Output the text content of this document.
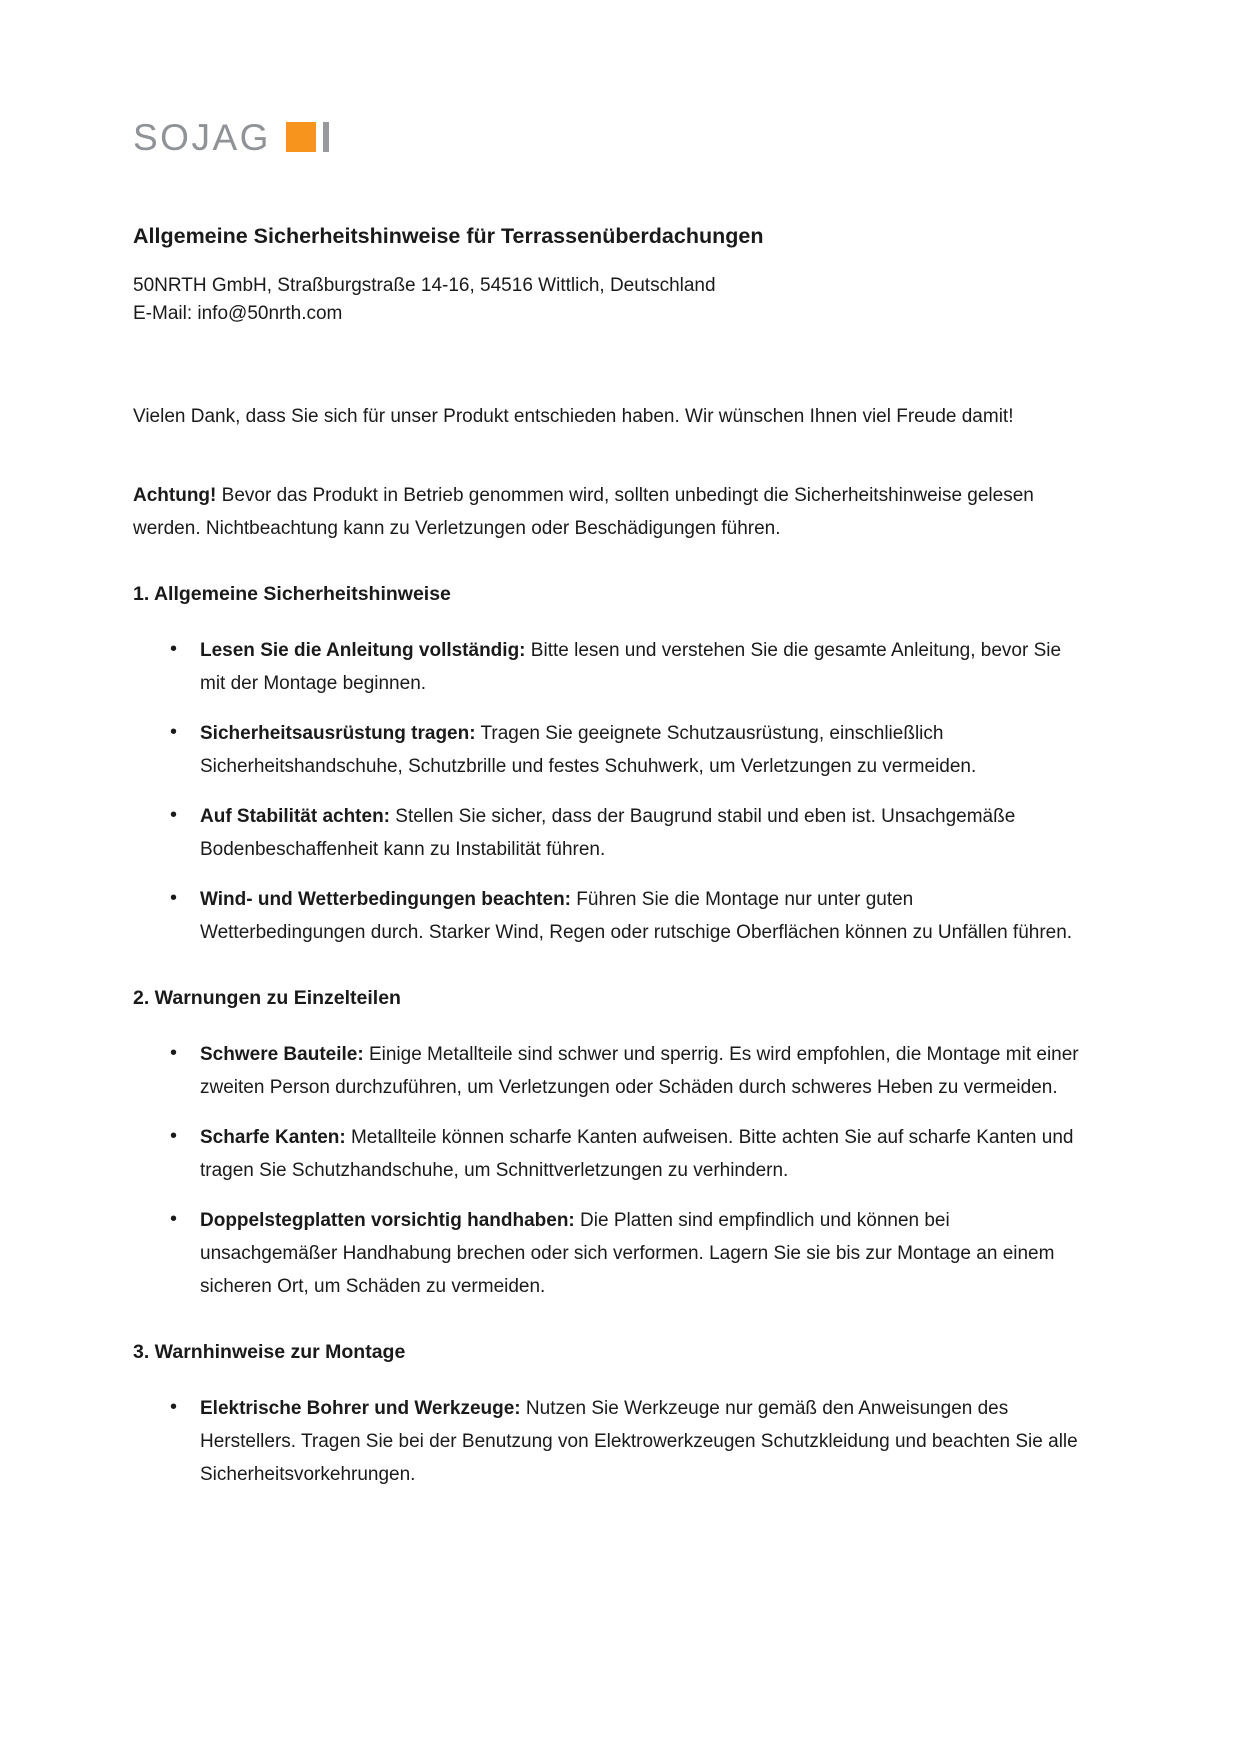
SOJAG
Allgemeine Sicherheitshinweise für Terrassenüberdachungen

50NRTH GmbH, Straßburgstraße 14-16, 54516 Wittlich, Deutschland

E-Mail: info@50nrth.com

Vielen Dank, dass Sie sich für unser Produkt entschieden haben. Wir wünschen Ihnen viel Freude damit!

Achtung! Bevor das Produkt in Betrieb genommen wird, sollten unbedingt die Sicherheitshinweise gelesen werden. Nichtbeachtung kann zu Verletzungen oder Beschädigungen führen.

1. Allgemeine Sicherheitshinweise
• Lesen Sie die Anleitung vollständig: Bitte lesen und verstehen Sie die gesamte Anleitung, bevor Sie mit der Montage beginnen.
• Sicherheitsausrüstung tragen: Tragen Sie geeignete Schutzausrüstung, einschließlich Sicherheitshandschuhe, Schutzbrille und festes Schuhwerk, um Verletzungen zu vermeiden.
• Auf Stabilität achten: Stellen Sie sicher, dass der Baugrund stabil und eben ist. Unsachgemäße Bodenbeschaffenheit kann zu Instabilität führen.
• Wind- und Wetterbedingungen beachten: Führen Sie die Montage nur unter guten Wetterbedingungen durch. Starker Wind, Regen oder rutschige Oberflächen können zu Unfällen führen.
2. Warnungen zu Einzelteilen
• Schwere Bauteile: Einige Metallteile sind schwer und sperrig. Es wird empfohlen, die Montage mit einer zweiten Person durchzuführen, um Verletzungen oder Schäden durch schweres Heben zu vermeiden.
• Scharfe Kanten: Metallteile können scharfe Kanten aufweisen. Bitte achten Sie auf scharfe Kanten und tragen Sie Schutzhandschuhe, um Schnittverletzungen zu verhindern.
• Doppelstegplatten vorsichtig handhaben: Die Platten sind empfindlich und können bei unsachgemäßer Handhabung brechen oder sich verformen. Lagern Sie sie bis zur Montage an einem sicheren Ort, um Schäden zu vermeiden.
3. Warnhinweise zur Montage
• Elektrische Bohrer und Werkzeuge: Nutzen Sie Werkzeuge nur gemäß den Anweisungen des Herstellers. Tragen Sie bei der Benutzung von Elektrowerkzeugen Schutzkleidung und beachten Sie alle Sicherheitsvorkehrungen.
